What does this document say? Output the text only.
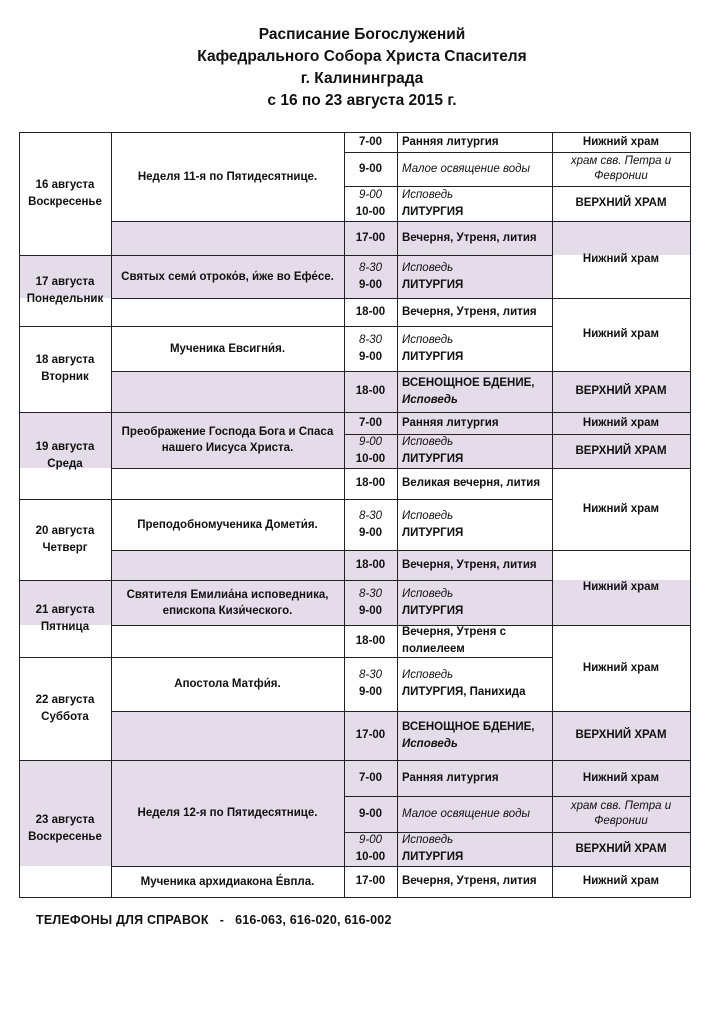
Расписание Богослужений
Кафедрального Собора Христа Спасителя
г. Калининграда
с 16 по 23 августа 2015 г.
16 августа
Воскресенье
17 августа
Понедельник
18 августа
Вторник
19 августа
Среда
20 августа
Четверг
21 августа
Пятница
22 августа
Суббота
23 августа
Воскресенье
Неделя 11-я по Пятидесятнице.
Святых семи́ отроко́в, и́же во Ефе́се.
Мученика Евсигни́я.
Преображение Господа Бога и Спаса
нашего Иисуса Христа.
Преподобномученика Домети́я.
Святителя Емилиа́на исповедника,
епископа Кизи́ческого.
Апостола Матфи́я.
Неделя 12-я по Пятидесятнице.
Мученика архидиакона Е́впла.
7-00 Ранняя литургия
9-00 Малое освящение воды
9-00
10-00
Исповедь
ЛИТУРГИЯ
17-00 Вечерня, Утреня, лития
8-30
9-00
Исповедь
ЛИТУРГИЯ
18-00 Вечерня, Утреня, лития
8-30
9-00
Исповедь
ЛИТУРГИЯ
18-00
ВСЕНОЩНОЕ БДЕНИЕ,
Исповедь
7-00 Ранняя литургия
9-00
10-00
Исповедь
ЛИТУРГИЯ
18-00 Великая вечерня, лития
8-30
9-00
Исповедь
ЛИТУРГИЯ
18-00 Вечерня, Утреня, лития
8-30
9-00
Исповедь
ЛИТУРГИЯ
18-00
Вечерня, Утреня с
полиелеем
8-30
9-00
Исповедь
ЛИТУРГИЯ, Панихида
17-00
ВСЕНОЩНОЕ БДЕНИЕ,
Исповедь
7-00 Ранняя литургия
9-00 Малое освящение воды
9-00
10-00
Исповедь
ЛИТУРГИЯ
17-00 Вечерня, Утреня, лития
Нижний храм
храм свв. Петра и
Февронии
ВЕРХНИЙ ХРАМ
Нижний храм
Нижний храм
ВЕРХНИЙ ХРАМ
Нижний храм
ВЕРХНИЙ ХРАМ
Нижний храм
Нижний храм
Нижний храм
ВЕРХНИЙ ХРАМ
Нижний храм
храм свв. Петра и
Февронии
ВЕРХНИЙ ХРАМ
Нижний храм
ТЕЛЕФОНЫ ДЛЯ СПРАВОК   -   616-063, 616-020, 616-002
